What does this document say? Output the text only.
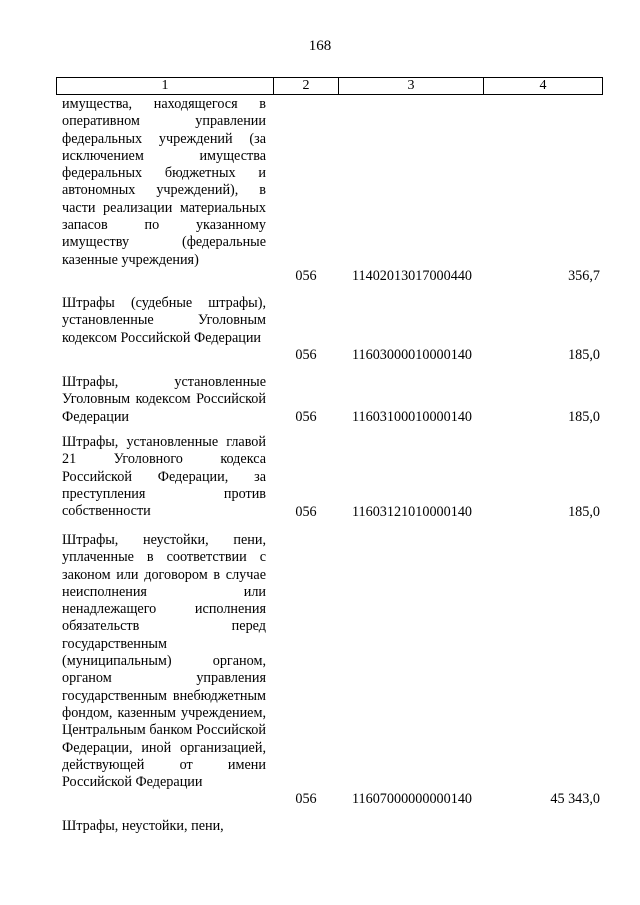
168
1	2	3	4
имущества, находящегося в оперативном управлении федеральных учреждений (за исключением имущества федеральных бюджетных и автономных учреждений), в части реализации материальных запасов по указанному имуществу (федеральные казенные учреждения)
056	11402013017000440	356,7
Штрафы (судебные штрафы), установленные Уголовным кодексом Российской Федерации
056	11603000010000140	185,0
Штрафы, установленные Уголовным кодексом Российской Федерации	056	11603100010000140	185,0
Штрафы, установленные главой 21 Уголовного кодекса Российской Федерации, за преступления против собственности	056	11603121010000140	185,0
Штрафы, неустойки, пени, уплаченные в соответствии с законом или договором в случае неисполнения или ненадлежащего исполнения обязательств перед государственным (муниципальным) органом, органом управления государственным внебюджетным фондом, казенным учреждением, Центральным банком Российской Федерации, иной организацией, действующей от имени Российской Федерации
056	11607000000000140	45 343,0
Штрафы, неустойки, пени,
